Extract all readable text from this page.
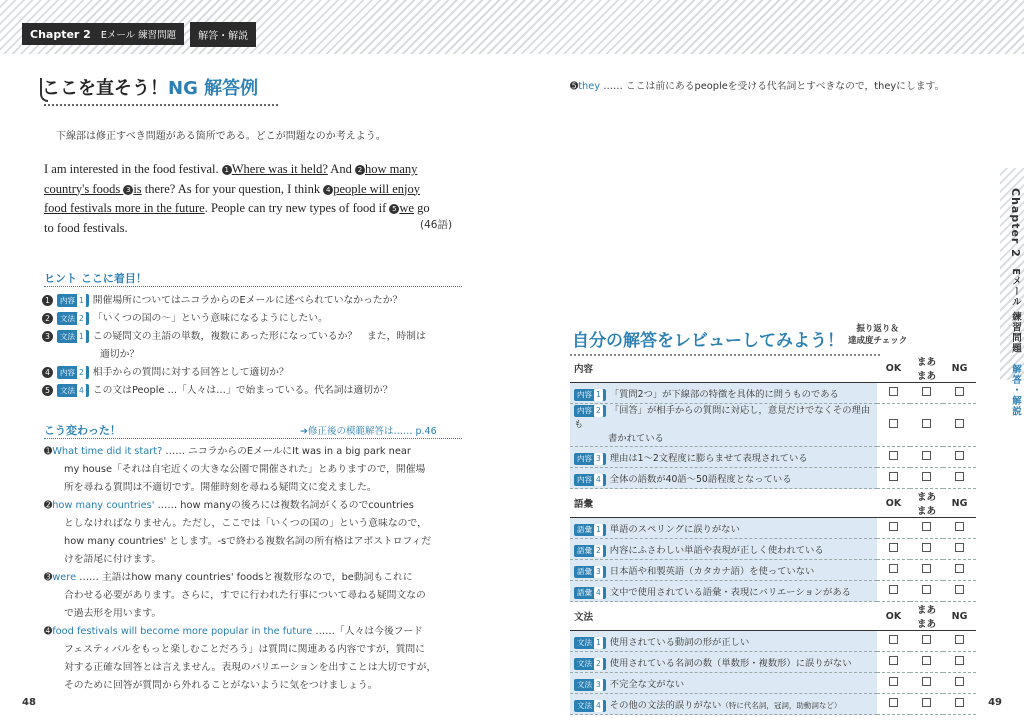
Chapter 2 Eメール 練習問題	解答・解説
Chapter 2　Eメール 練習問題　解答・解説
ここを直そう！NG 解答例
下線部は修正すべき問題がある箇所である。どこが問題なのか考えよう。
I am interested in the food festival. 1 Where was it held? And 2 how many
country's foods 3 is there? As for your question, I think 4 people will enjoy
food festivals more in the future. People can try new types of food if 5 we go
to food festivals.	(46語)
ヒント ここに着目！
1	内容 1 開催場所についてはニコラからのEメールに述べられていなかったか？
2	文法 2 「いくつの国の～」という意味になるようにしたい。
3	文法 1 この疑問文の主語の単数，複数にあった形になっているか？　また，時制は
適切か？
4	内容 2 相手からの質問に対する回答として適切か？
5	文法 4 この文はPeople ...「人々は…」で始まっている。代名詞は適切か？
こう変わった！	➔修正後の模範解答は…… p.46
➊What time did it start? …… ニコラからのEメールにIt was in a big park near
my house「それは自宅近くの大きな公園で開催された」とありますので，開催場
所を尋ねる質問は不適切です。開催時刻を尋ねる疑問文に変えました。
➋how many countries' …… how manyの後ろには複数名詞がくるのでcountries
としなければなりません。ただし，ここでは「いくつの国の」という意味なので，
how many countries' とします。-sで終わる複数名詞の所有格はアポストロフィだ
けを語尾に付けます。
➌were …… 主語はhow many countries' foodsと複数形なので，be動詞もこれに
合わせる必要があります。さらに，すでに行われた行事について尋ねる疑問文なの
で過去形を用います。
➍food festivals will become more popular in the future ……「人々は今後フード
フェスティバルをもっと楽しむことだろう」は質問に関連ある内容ですが，質問に
対する正確な回答とは言えません。表現のバリエーションを出すことは大切ですが，
そのために回答が質問から外れることがないように気をつけましょう。
48
➎they …… ここは前にあるpeopleを受ける代名詞とすべきなので，theyにします。
自分の解答をレビューしてみよう！
振り返り＆
達成度チェック
内容	OK	まあまあ	NG
内容 1 「質問2つ」が下線部の特徴を具体的に問うものである			
内容 2 「回答」が相手からの質問に対応し，意見だけでなくその理由も
書かれている			
内容 3 理由は1～2文程度に膨らませて表現されている			
内容 4 全体の語数が40語～50語程度となっている			
語彙	OK	まあまあ	NG
語彙 1 単語のスペリングに誤りがない			
語彙 2 内容にふさわしい単語や表現が正しく使われている			
語彙 3 日本語や和製英語（カタカナ語）を使っていない			
語彙 4 文中で使用されている語彙・表現にバリエーションがある			
文法	OK	まあまあ	NG
文法 1 使用されている動詞の形が正しい			
文法 2 使用されている名詞の数（単数形・複数形）に誤りがない			
文法 3 不完全な文がない			
文法 4 その他の文法的誤りがない（特に代名詞，冠詞，助動詞など）				49
